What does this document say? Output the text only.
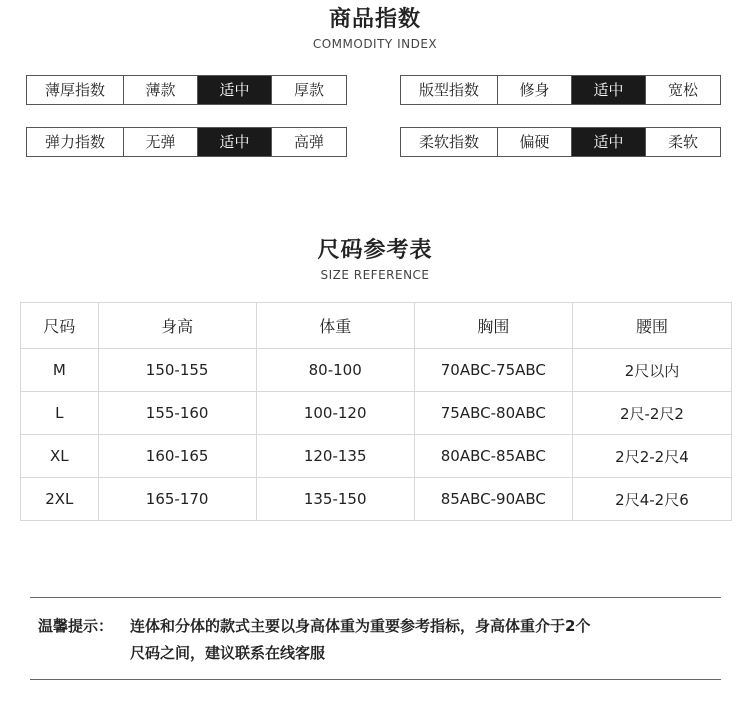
商品指数
COMMODITY INDEX
薄厚指数	薄款	适中	厚款	版型指数	修身	适中	宽松
弹力指数	无弹	适中	高弹	柔软指数	偏硬	适中	柔软
尺码参考表
SIZE REFERENCE
尺码	身高	体重	胸围	腰围
M	150-155	80-100	70ABC-75ABC	2尺以内
L	155-160	100-120	75ABC-80ABC	2尺-2尺2
XL	160-165	120-135	80ABC-85ABC	2尺2-2尺4
2XL	165-170	135-150	85ABC-90ABC	2尺4-2尺6
温馨提示： 连体和分体的款式主要以身高体重为重要参考指标，身高体重介于2个
尺码之间，建议联系在线客服
